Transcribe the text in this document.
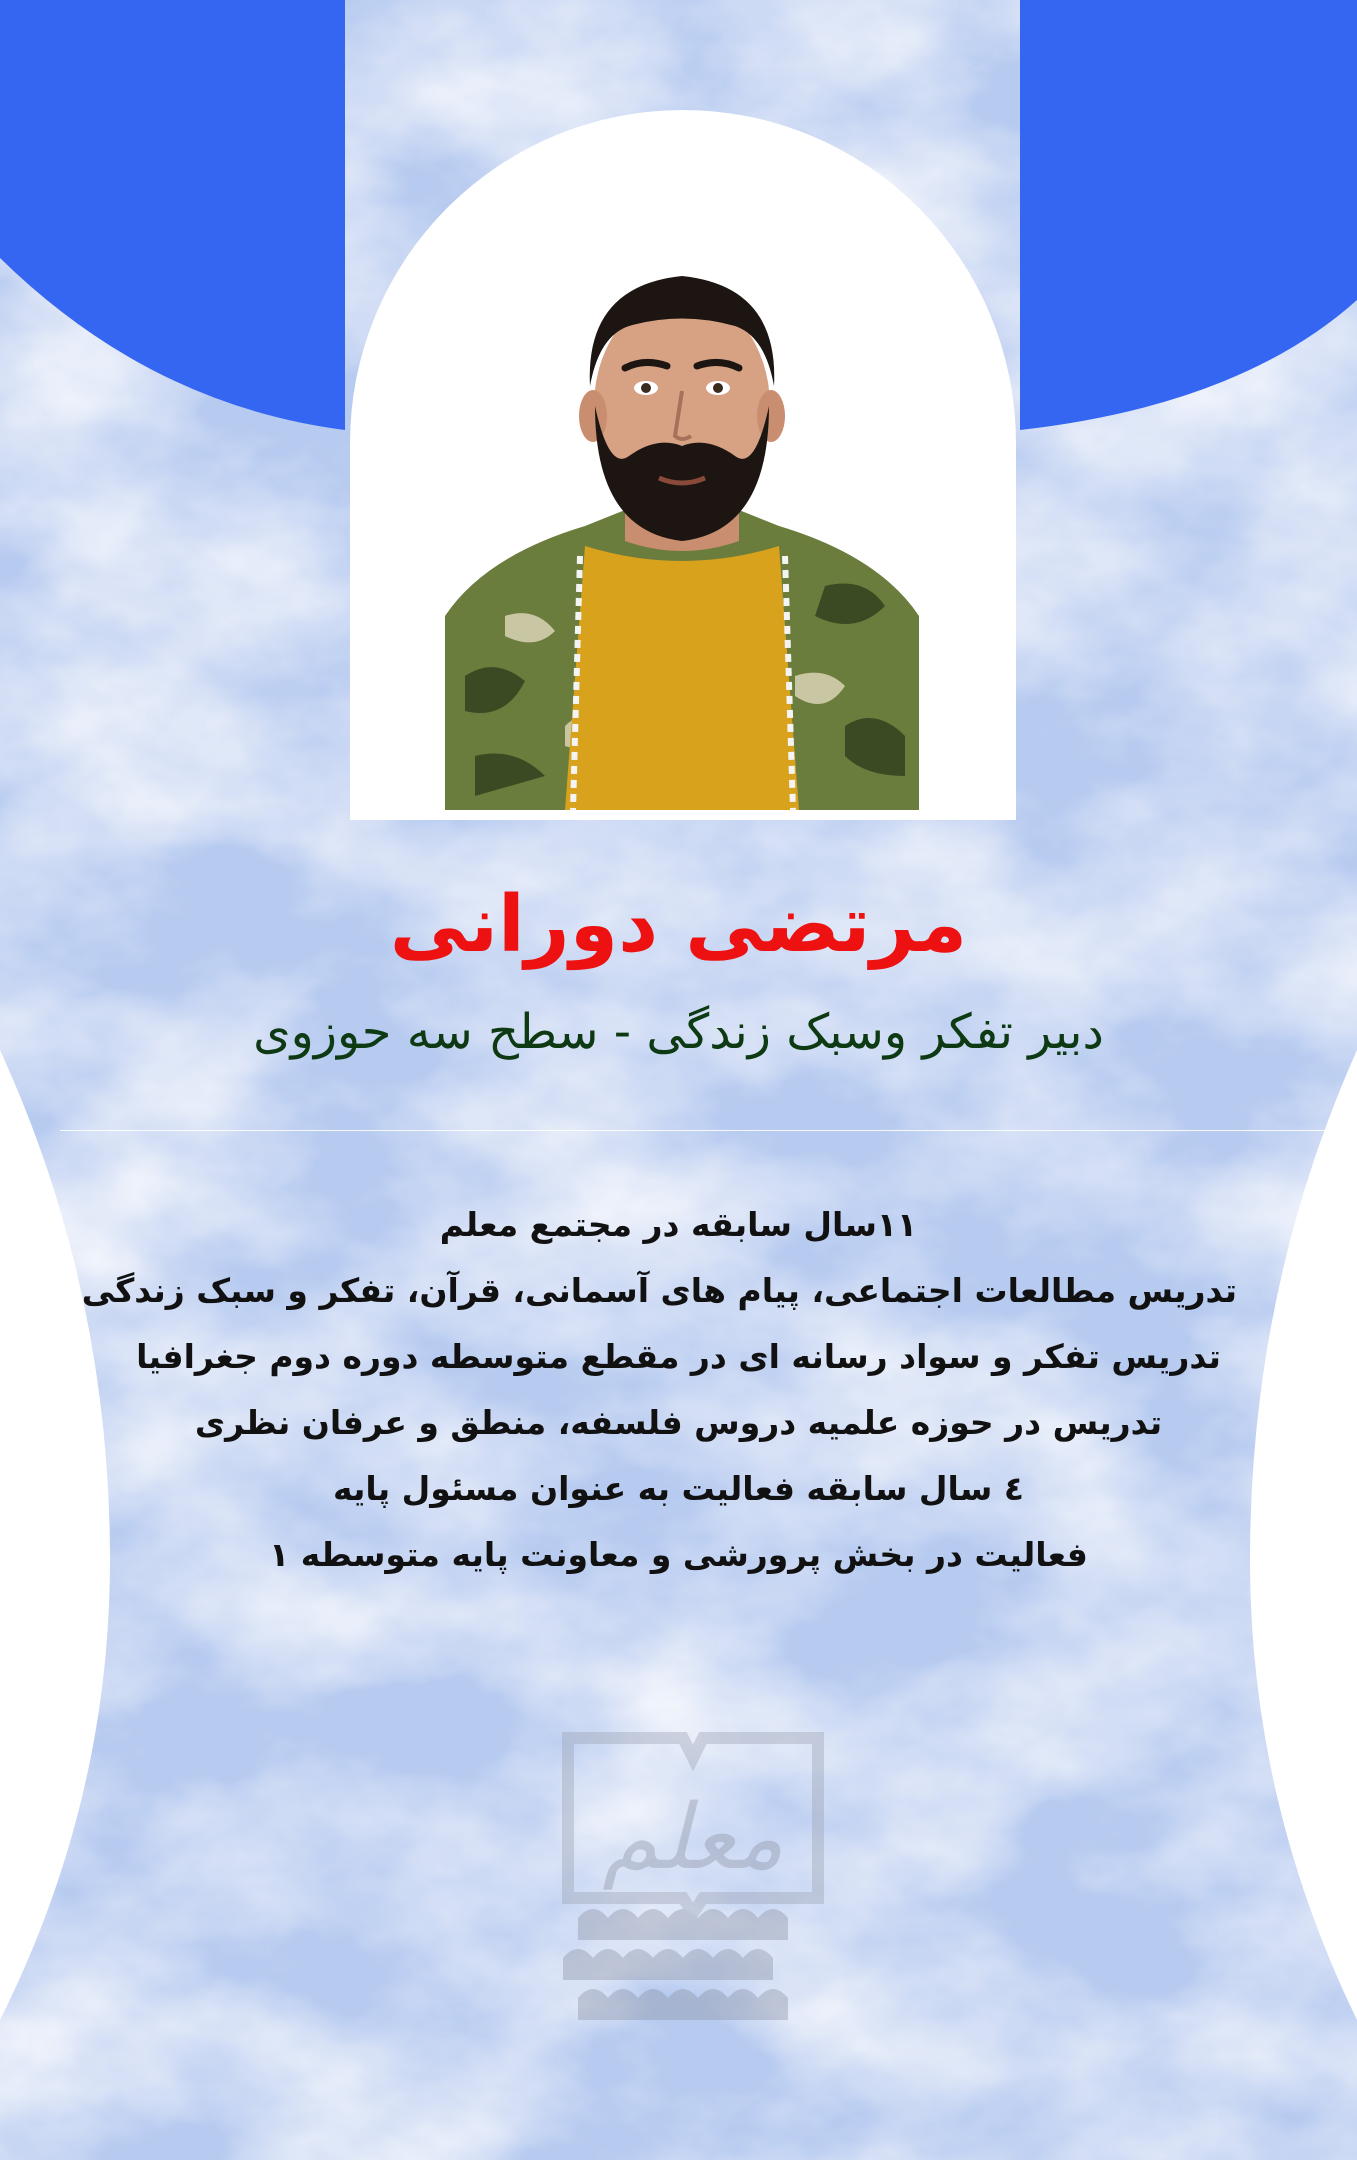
مرتضی دورانی
دبیر تفکر وسبک زندگی - سطح سه حوزوی
۱۱سال سابقه در مجتمع معلم
تدریس مطالعات اجتماعی، پیام های آسمانی، قرآن، تفکر و سبک زندگی
تدریس تفکر و سواد رسانه ای در مقطع متوسطه دوره دوم جغرافیا
تدریس در حوزه علمیه دروس فلسفه، منطق و عرفان نظری
٤ سال سابقه فعالیت به عنوان مسئول پایه
فعالیت در بخش پرورشی و معاونت پایه متوسطه ۱
معلم
